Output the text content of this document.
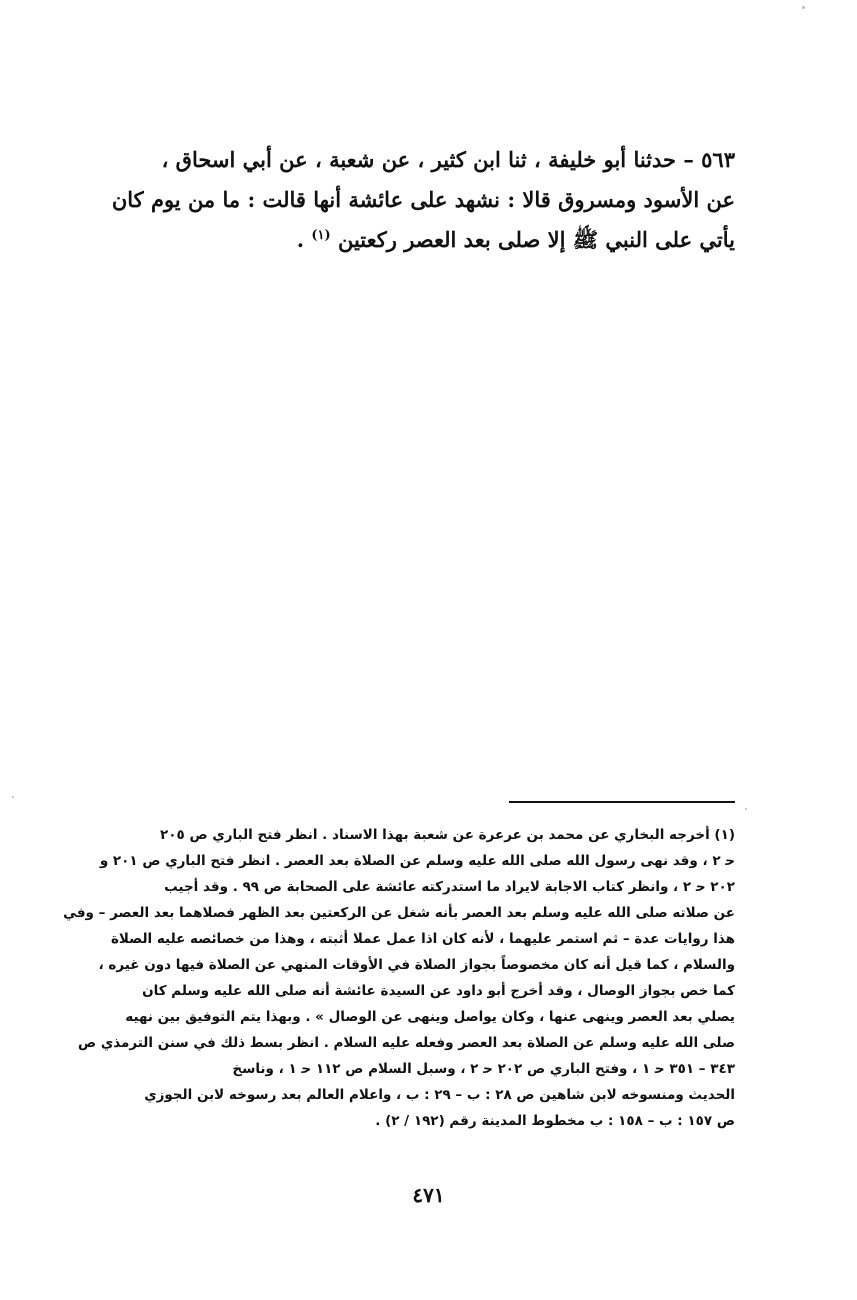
٥٦٣ – حدثنا أبو خليفة ، ثنا ابن كثير ، عن شعبة ، عن أبي اسحاق ،
عن الأسود ومسروق قالا : نشهد على عائشة أنها قالت : ما من يوم كان
يأتي على النبي ﷺ إلا صلى بعد العصر ركعتين $^{(١)}$ .
(١) أخرجه البخاري عن محمد بن عرعرة عن شعبة بهذا الاسناد . انظر فتح الباري ص ٢٠٥
ﺣ ٢ ، وقد نهى رسول الله صلى الله عليه وسلم عن الصلاة بعد العصر . انظر فتح الباري ص ٢٠١ و
٢٠٢ ﺣ ٢ ، وانظر كتاب الاجابة لايراد ما استدركته عائشة على الصحابة ص ٩٩ . وقد أجيب
عن صلاته صلى الله عليه وسلم بعد العصر بأنه شغل عن الركعتين بعد الظهر فصلاهما بعد العصر – وفي
هذا روايات عدة – ثم استمر عليهما ، لأنه كان اذا عمل عملا أثبته ، وهذا من خصائصه عليه الصلاة
والسلام ، كما قيل أنه كان مخصوصاً بجواز الصلاة في الأوقات المنهي عن الصلاة فيها دون غيره ،
كما خص بجواز الوصال ، وقد أخرج أبو داود عن السيدة عائشة أنه صلى الله عليه وسلم كان
يصلي بعد العصر وينهى عنها ، وكان يواصل وينهى عن الوصال » . وبهذا يتم التوفيق بين نهيه
صلى الله عليه وسلم عن الصلاة بعد العصر وفعله عليه السلام . انظر بسط ذلك في سنن الترمذي ص
٣٤٣ – ٣٥١ ﺣ ١ ، وفتح الباري ص ٢٠٢ ﺣ ٢ ، وسبل السلام ص ١١٢ ﺣ ١ ، وناسخ
الحديث ومنسوخه لابن شاهين ص ٢٨ : ب – ٢٩ : ب ، واعلام العالم بعد رسوخه لابن الجوزي
ص ١٥٧ : ب – ١٥٨ : ب مخطوط المدينة رقم (١٩٢ / ٢) .
٤٧١
